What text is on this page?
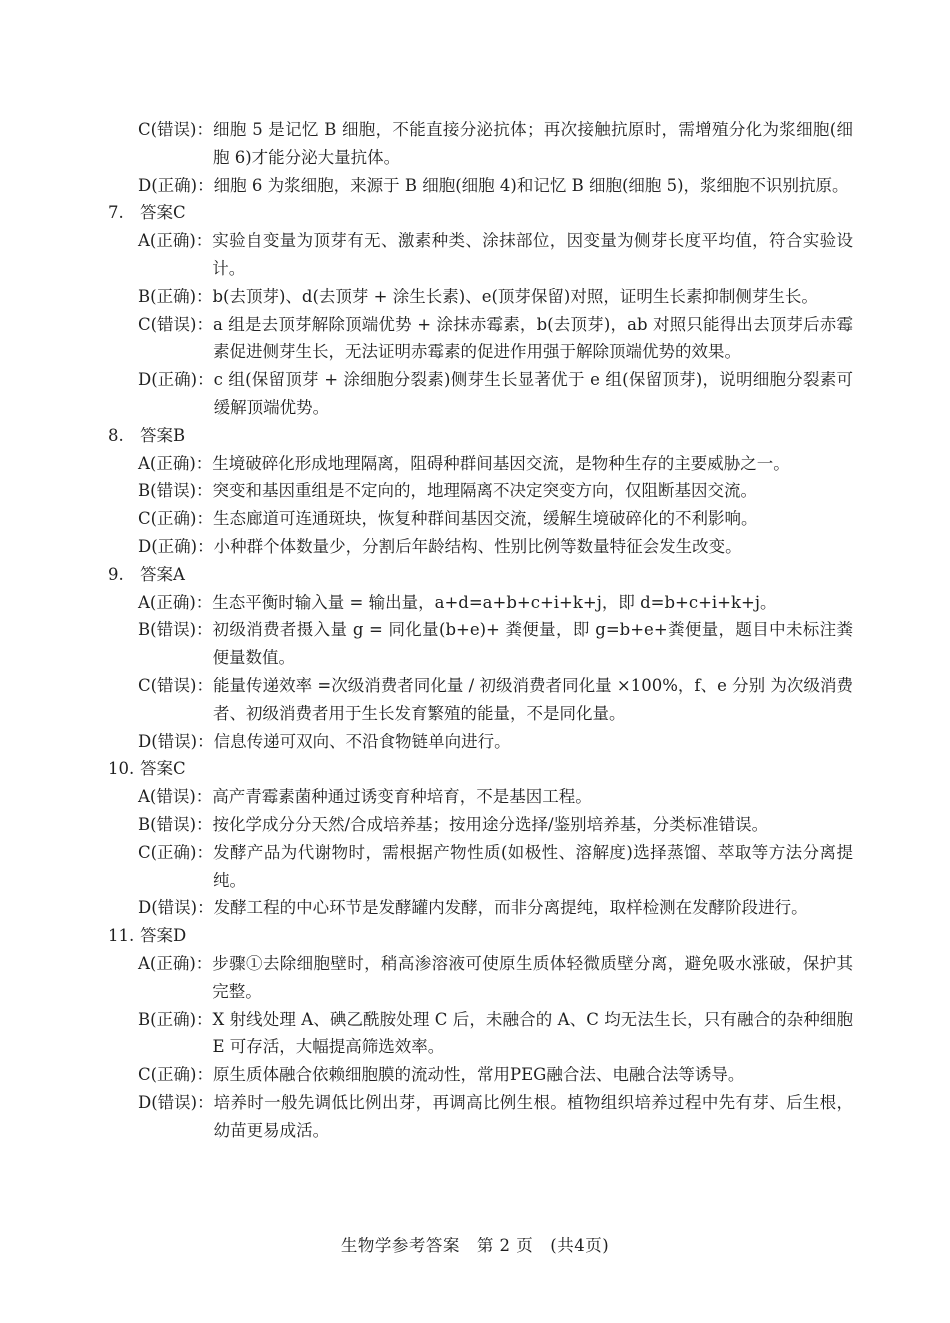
C(错误)： 细胞 5 是记忆 B 细胞，不能直接分泌抗体；再次接触抗原时，需增殖分化为浆细胞(细胞 6)才能分泌大量抗体。
D(正确)： 细胞 6 为浆细胞，来源于 B 细胞(细胞 4)和记忆 B 细胞(细胞 5)，浆细胞不识别抗原。
7. 答案C
A(正确)： 实验自变量为顶芽有无、激素种类、涂抹部位，因变量为侧芽长度平均值，符合实验设计。
B(正确)： b(去顶芽)、d(去顶芽 + 涂生长素)、e(顶芽保留)对照，证明生长素抑制侧芽生长。
C(错误)： a 组是去顶芽解除顶端优势 + 涂抹赤霉素，b(去顶芽)，ab 对照只能得出去顶芽后赤霉素促进侧芽生长，无法证明赤霉素的促进作用强于解除顶端优势的效果。
D(正确)： c 组(保留顶芽 + 涂细胞分裂素)侧芽生长显著优于 e 组(保留顶芽)，说明细胞分裂素可缓解顶端优势。
8. 答案B
A(正确)： 生境破碎化形成地理隔离，阻碍种群间基因交流，是物种生存的主要威胁之一。
B(错误)： 突变和基因重组是不定向的，地理隔离不决定突变方向，仅阻断基因交流。
C(正确)： 生态廊道可连通斑块，恢复种群间基因交流，缓解生境破碎化的不利影响。
D(正确)： 小种群个体数量少，分割后年龄结构、性别比例等数量特征会发生改变。
9. 答案A
A(正确)： 生态平衡时输入量 = 输出量，a+d=a+b+c+i+k+j，即 d=b+c+i+k+j。
B(错误)： 初级消费者摄入量 g = 同化量(b+e)+ 粪便量，即 g=b+e+粪便量，题目中未标注粪便量数值。
C(错误)： 能量传递效率 =次级消费者同化量 / 初级消费者同化量 ×100%，f、e 分别 为次级消费者、初级消费者用于生长发育繁殖的能量，不是同化量。
D(错误)： 信息传递可双向、不沿食物链单向进行。
10. 答案C
A(错误)： 高产青霉素菌种通过诱变育种培育，不是基因工程。
B(错误)： 按化学成分分天然/合成培养基；按用途分选择/鉴别培养基，分类标准错误。
C(正确)： 发酵产品为代谢物时，需根据产物性质(如极性、溶解度)选择蒸馏、萃取等方法分离提纯。
D(错误)： 发酵工程的中心环节是发酵罐内发酵，而非分离提纯，取样检测在发酵阶段进行。
11. 答案D
A(正确)： 步骤①去除细胞壁时，稍高渗溶液可使原生质体轻微质壁分离，避免吸水涨破，保护其完整。
B(正确)： X 射线处理 A、碘乙酰胺处理 C 后，未融合的 A、C 均无法生长，只有融合的杂种细胞 E 可存活，大幅提高筛选效率。
C(正确)： 原生质体融合依赖细胞膜的流动性，常用PEG融合法、电融合法等诱导。
D(错误)： 培养时一般先调低比例出芽，再调高比例生根。植物组织培养过程中先有芽、后生根，幼苗更易成活。
生物学参考答案　第 2 页　(共4页)
